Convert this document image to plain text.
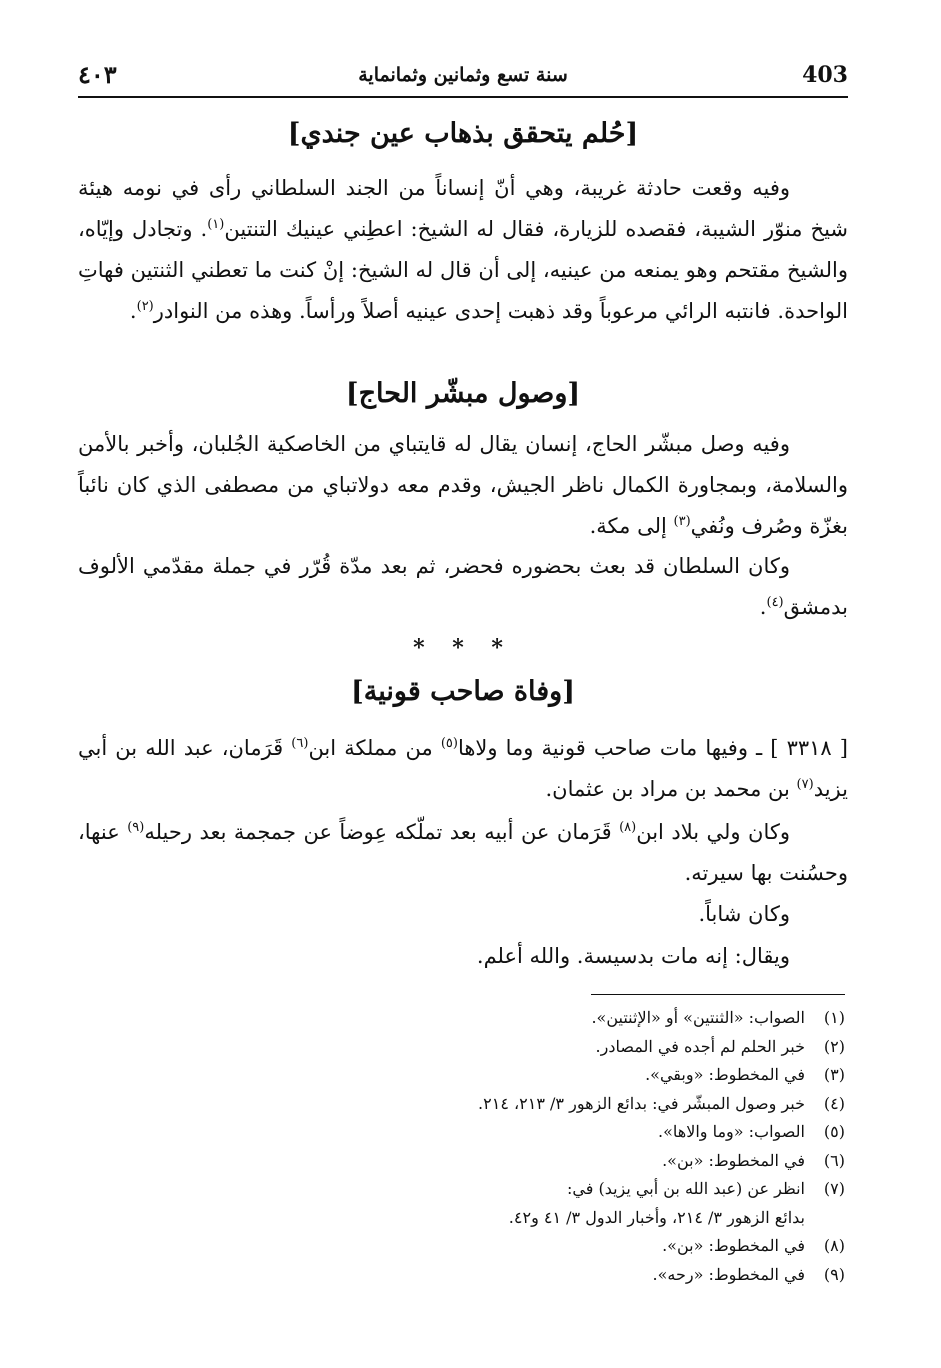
403
سنة تسع وثمانين وثمانماية
٤٠٣
[حُلم يتحقق بذهاب عين جندي]
وفيه وقعت حادثة غريبة، وهي أنّ إنساناً من الجند السلطاني رأى في نومه هيئة شيخ منوّر الشيبة، فقصده للزيارة، فقال له الشيخ: اعطِني عينيك التنتين$^{(١)}$. وتجادل وإيّاه، والشيخ مقتحم وهو يمنعه من عينيه، إلى أن قال له الشيخ: إنْ كنت ما تعطني الثنتين فهاتِ الواحدة. فانتبه الرائي مرعوباً وقد ذهبت إحدى عينيه أصلاً ورأساً. وهذه من النوادر$^{(٢)}$.
[وصول مبشّر الحاج]
وفيه وصل مبشّر الحاج، إنسان يقال له قايتباي من الخاصكية الجُلبان، وأخبر بالأمن والسلامة، وبمجاورة الكمال ناظر الجيش، وقدم معه دولاتباي من مصطفى الذي كان نائباً بغزّة وصُرف ونُفي$^{(٣)}$ إلى مكة.
وكان السلطان قد بعث بحضوره فحضر، ثم بعد مدّة قُرّر في جملة مقدّمي الألوف بدمشق$^{(٤)}$.
* * *
[وفاة صاحب قونية]
[ ٣٣١٨ ] ـ وفيها مات صاحب قونية وما ولاها$^{(٥)}$ من مملكة ابن$^{(٦)}$ قَرَمان، عبد الله بن أبي يزيد$^{(٧)}$ بن محمد بن مراد بن عثمان.
وكان ولي بلاد ابن$^{(٨)}$ قَرَمان عن أبيه بعد تملّكه عِوضاً عن جمجمة بعد رحيله$^{(٩)}$ عنها، وحسُنت بها سيرته.
وكان شاباً.
ويقال: إنه مات بدسيسة. والله أعلم.
(١)
الصواب: «الثنتين» أو «الإثنتين».
(٢)
خبر الحلم لم أجده في المصادر.
(٣)
في المخطوط: «وبقي».
(٤)
خبر وصول المبشّر في: بدائع الزهور ٣/ ٢١٣، ٢١٤.
(٥)
الصواب: «وما والاها».
(٦)
في المخطوط: «بن».
(٧)
انظر عن (عبد الله بن أبي يزيد) في:
بدائع الزهور ٣/ ٢١٤، وأخبار الدول ٣/ ٤١ و٤٢.
(٨)
في المخطوط: «بن».
(٩)
في المخطوط: «رحه».
